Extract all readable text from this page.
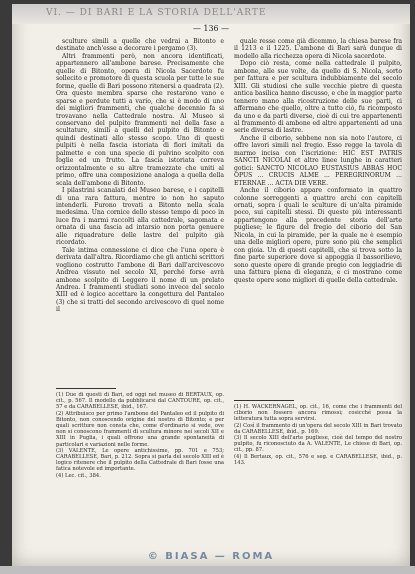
VI. — DI BARI E LA STORIA DELL'ARTE
— 136 —

sculture simili a quelle che vedrai a Bitonto e destinate anch'esse a decorare i pergamo (3).

Altri frammenti però, non ancora identificati, appartennero all'ambone barese. Precisamente che quelle di Bitonto, opera di Nicola Sacerdote fu sollecito e promotore di questa scuola per tutte le sue forme, quelle di Bari possono ritenersi a quadrata (2). Ora queste membra sparse che restarono vano e sparse e perdute tutti a vario, che si è modo di uno dei migliori frammenti, che qualche decennio fa si trovavano nella Cattedrale nostra. Al Museo si conservano del pulpito frammenti nel della fase a scultature, simili a quelli del pulpito di Bitonto e quindi destinati allo stesso scopo. Uno di questi pulpiti è nella fascia istoriata di fiori imitati da palmette e con una specie di pulvino scolpito con foglie ed un frutto. La fascia istoriata correva orizzontalmente e su altre tramezzate che uniti al primo, offre una composizione analoga a quella della scala dell'ambone di Bitonto.

I pilastrini scanalati del Museo barese, e i capitelli di una rara fattura, mentre io non ho saputo intenderli. Furono trovati a Bitonto nella scala medesima. Una cornice dello stesso tempo di poco in luce fra i marmi raccolti alla cattedrale, sagomata e ornata di una fascia ad intarsio non porta genuere alle riquadrature delle lastre del pulpito già ricordato.

Tale intima connessione ci dice che l'una opera è derivata dall'altra. Ricordiamo che gli antichi scrittori vogliono costrutto l'ambone di Bari dall'arcivescovo Andrea vissuto nel secolo XI, perché forse avrà ambone scolpito di Leggero il nome di un prelato Andrea. I frammenti studiati sono invece del secolo XIII ed è logico accettare la congettura del Pantaleo (3) che si tratti del secondo arcivescovo di quel nome il

quale resse come già dicemmo, la chiesa barese fra il 1213 e il 1225. L'ambone di Bari sarà dunque di modello alla ricchezza opera di Nicola sacerdote.

Dopo ciò resta, come nella cattedrale il pulpito, ambone, alle sue volte, da quello di S. Nicola, sorto per fattura e per scultura indubbiamente del secolo XIII. Gli studiosi che sulle vecchie pietre di questa antica basilica hanno discusso, e che in maggior parte tennero mano alla ricostruzione delle sue parti, ci affermano che quello, oltre a tutto ciò, fu ricomposto da uno e da parti diverse, cioè di cui tre appartenenti al frammento di ambone ed altre appartenenti ad una serie diversa di lastre.

Anche il ciborio, sebbene non sia noto l'autore, ci offre lavori simili nel fregio. Esso regge la tavola di marmo incisa con l'iscrizione: HIC EST PATRIS SANCTI NICOLAI et altre linee lunghe in caratteri gotici: SANCTO NICOLAO EUSTASIUS ABBAS HOC OPUS ... CRUCIS ALME ... PEREGRINORUM ... ETERNAE ... ACTA DIE VERE.

Anche il ciborio appare conformato in quattro colonne sorreggenti a quattro archi con capitelli ornati, sopra i quali le sculture di un'alta piramide poco, sui capitelli stessi. Di queste più interessanti appartengono alla precedente storia dell'arte pugliese; le figure del fregio del ciborio del San Nicola, in cui la piramide, per la quale ne è esempio una delle migliori opere, pure sono più che semplici con gioia. Un di questi capitelli, che si trova sotto la fine parte superiore dove si appoggia il bassorilievo, sono queste opere di grande pregio con leggiadrie di una fattura piena di eleganza, e ci mostrano come queste opere sono migliori di quelle della cattedrale.

(1) Due di questi di Bari, ed oggi nel museo di BERTAUX, op. cit., p. 567. Il modello da pubblicarsi dal CANTOURE, op. cit., 57 e da CARABELLESE, ibid., 167.

(2) Attribuisco per primo l'ambone del Pantaleo ed il pulpito di Bitonto, non conoscendo origine del nostro di Bitonto; e per quali scritture non consta che, come d'ordinario si vede, ove non si conoscono frammenti di scultura minore nei secoli XII e XIII in Puglia, i quali offrono una grande spontaneità di particolari e variazioni nelle forme.

(3) VALENTE, Le opere antichissime, pp. 701 e 753; CARABELLESE, Bari, p. 212. Sopra si parla del secolo XIII ed è logico ritenere che il pulpito della Cattedrale di Bari fosse una fatica notevole ed importante.

(4) Lec. cit., 384.

(1) H. WACKERNAGEL, op. cit., 16, come che i frammenti del ciborio non fossero ancora rimossi; cosicché possa la letteratura tutta sopra servirsi.

(2) Così il frammento di un'opera del secolo XIII in Bari trovato da CARABELLESE, ibid., p. 169.

(3) Il secolo XIII dell'arte pugliese, cioè del tempo del nostro pulpito, fu riconosciuto da A. VALENTE, Le chiese di Bari, op. cit., pp. 87.

(4) Il Bertaux, op. cit., 576 e seg. e CARABELLESE, ibid., p. 143.

© BIASA — ROMA
